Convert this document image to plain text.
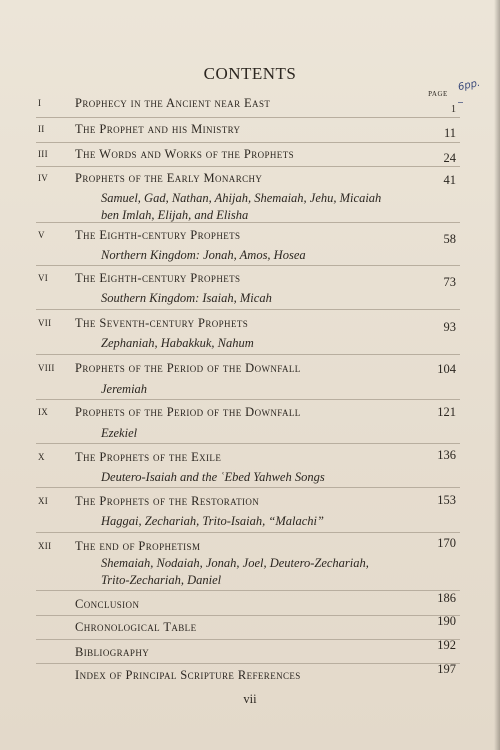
CONTENTS
PAGE
6pp.
I	Prophecy in the Ancient near East	1
II The Prophet and his Ministry	11
III The Words and Works of the Prophets	24
IV Prophets of the Early Monarchy	41
Samuel, Gad, Nathan, Ahijah, Shemaiah, Jehu, Micaiah
ben Imlah, Elijah, and Elisha
V The Eighth-century Prophets	58
Northern Kingdom: Jonah, Amos, Hosea
VI The Eighth-century Prophets	73
Southern Kingdom: Isaiah, Micah
VII The Seventh-century Prophets	93
Zephaniah, Habakkuk, Nahum
VIII Prophets of the Period of the Downfall	104
Jeremiah
IX Prophets of the Period of the Downfall	121
Ezekiel
X The Prophets of the Exile	136
Deutero-Isaiah and the ʿEbed Yahweh Songs
XI The Prophets of the Restoration	153
Haggai, Zechariah, Trito-Isaiah, “Malachi”
XII The end of Prophetism	170
Shemaiah, Nodaiah, Jonah, Joel, Deutero-Zechariah,
Trito-Zechariah, Daniel
Conclusion	186
Chronological Table	190
Bibliography	192
Index of Principal Scripture References	197
vii
